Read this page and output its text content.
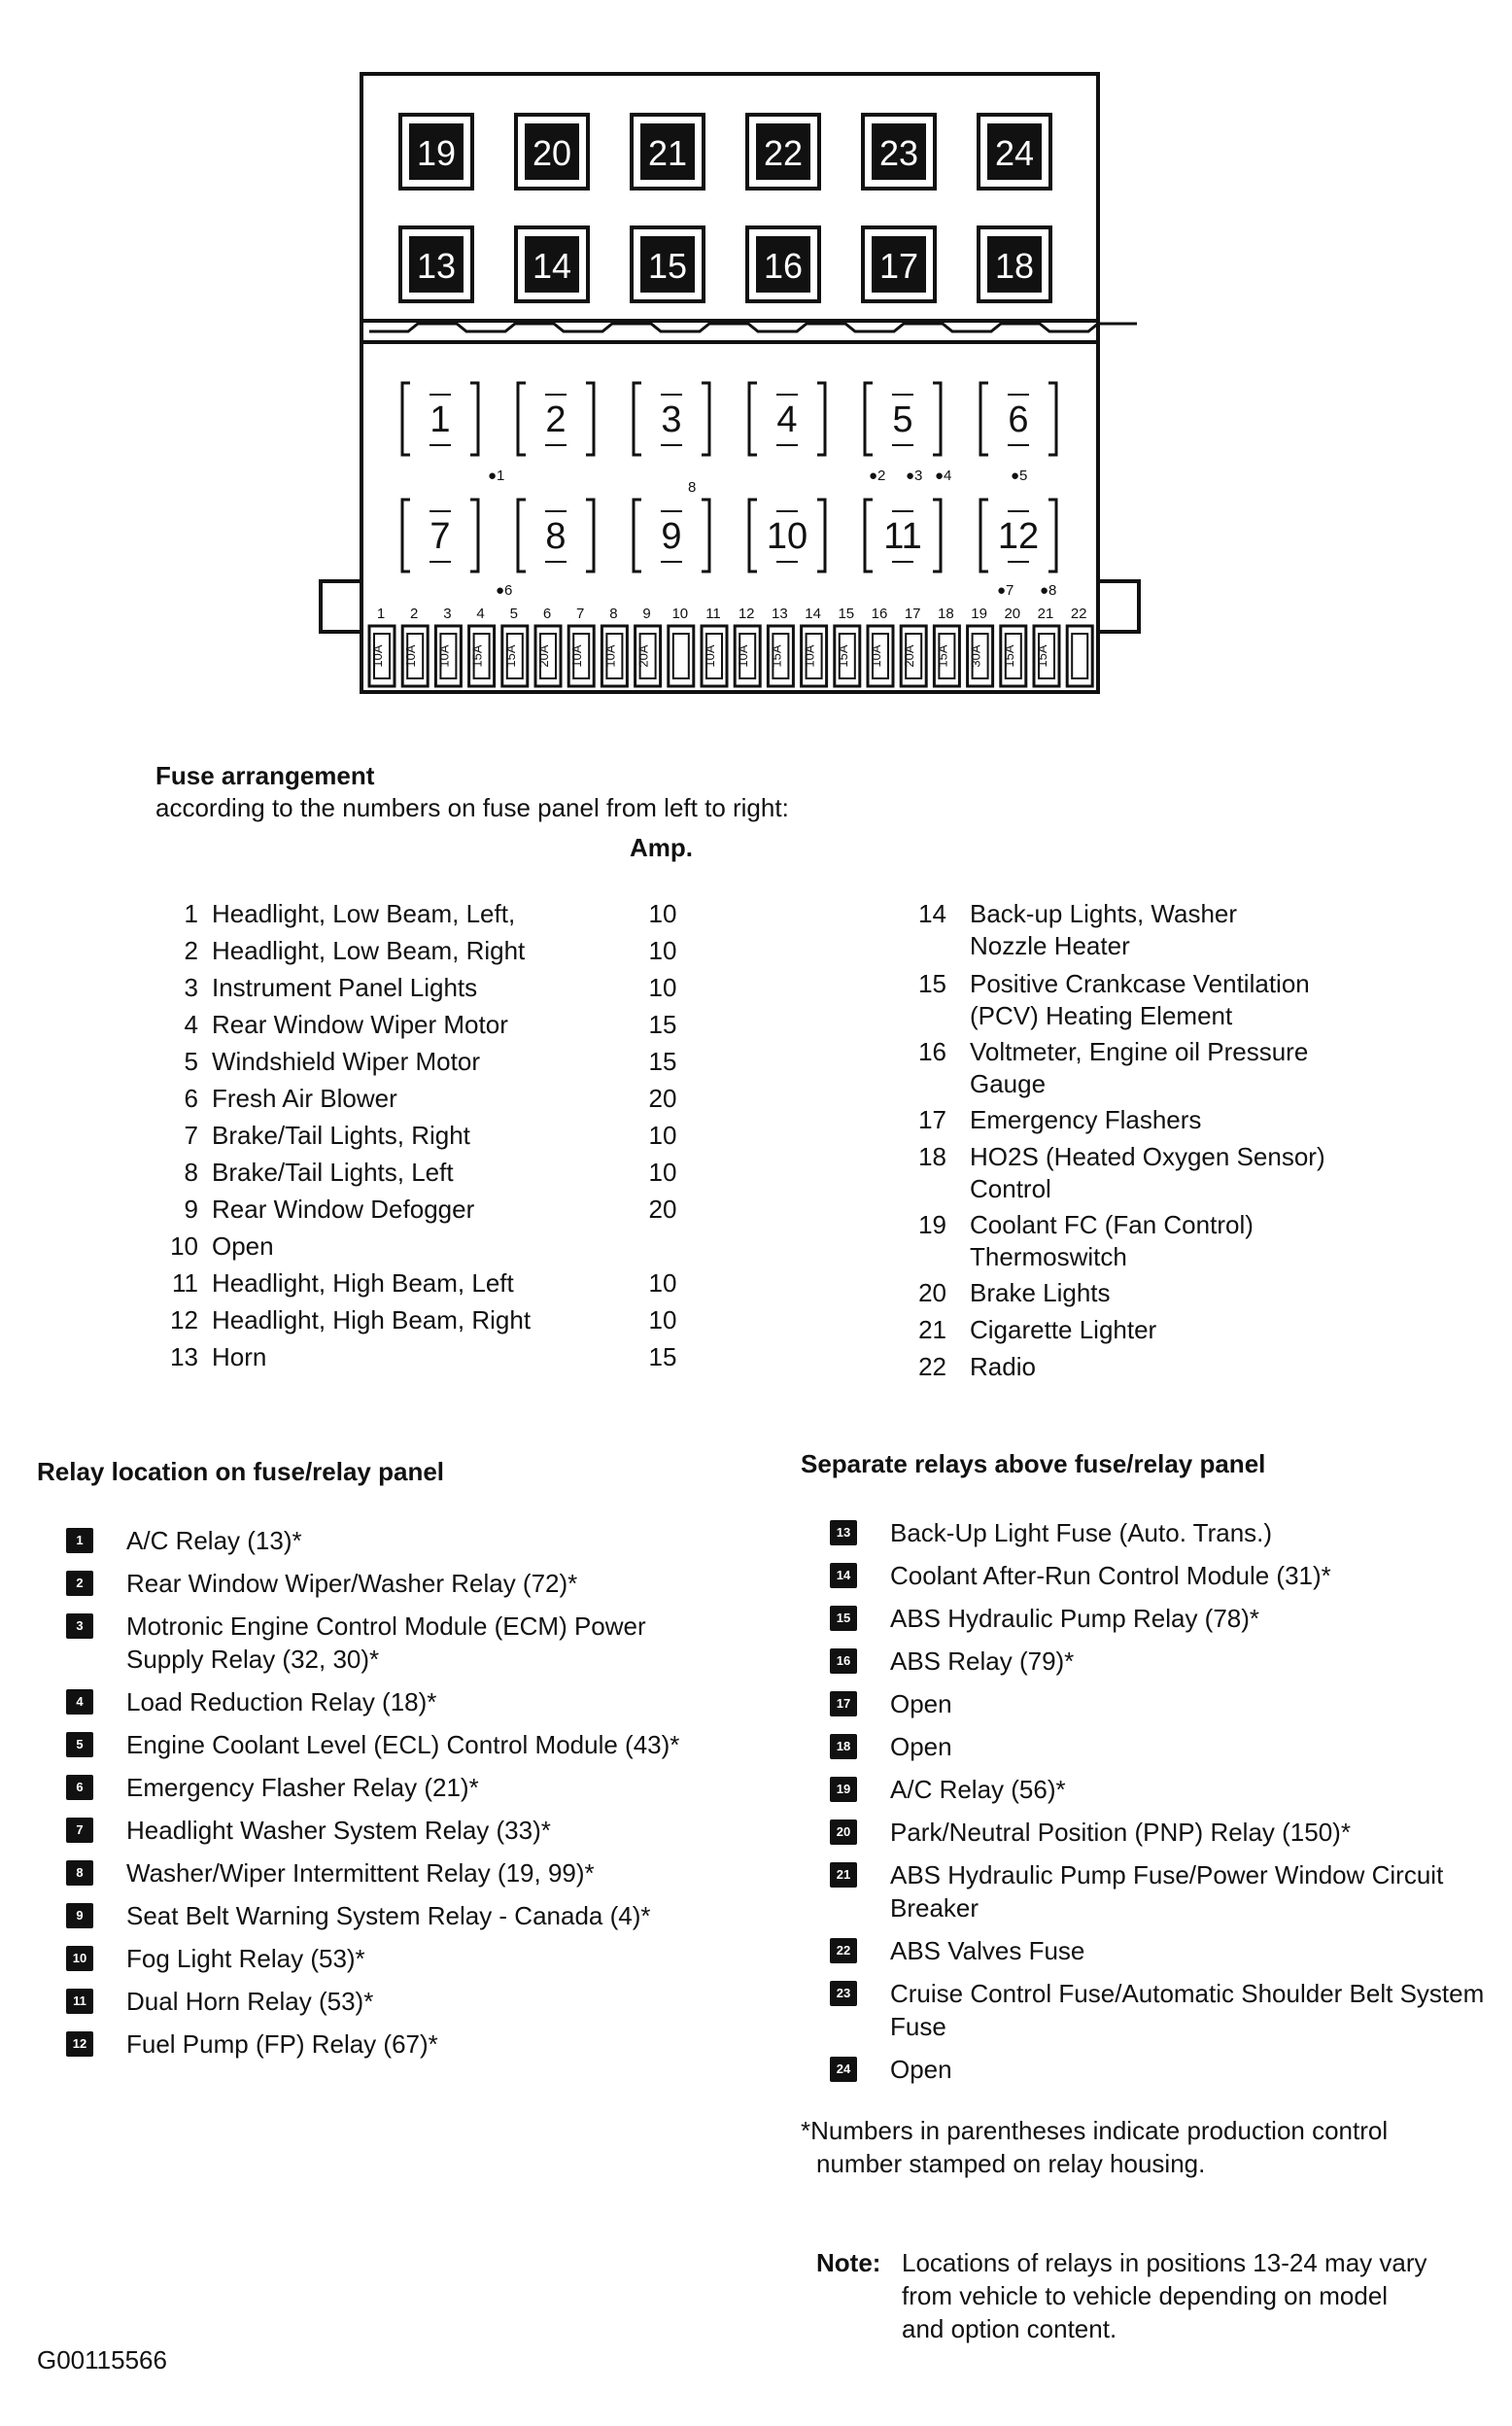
19 20 21 22 23 24
13 14 15 16 17 18
1	2	3	4	5	6
7	8	9 10 11 12
1
10A
2
10A
3
10A
4
15A
5
15A
6
20A
7
10A
8
10A
9
20A
10 11
10A
12
10A
13
15A
14
10A
15
15A
16
10A
17
20A
18
15A
19
30A
20
15A
21
15A
22
●1
8
●2 ●3 ●4	●5
●6	●7 ●8
Fuse arrangement
according to the numbers on fuse panel from left to right:
Amp.
1 Headlight, Low Beam, Left,	10
2 Headlight, Low Beam, Right	10
3 Instrument Panel Lights	10
4 Rear Window Wiper Motor	15
5 Windshield Wiper Motor	15
6 Fresh Air Blower	20
7 Brake/Tail Lights, Right	10
8 Brake/Tail Lights, Left	10
9 Rear Window Defogger	20
10 Open
11 Headlight, High Beam, Left	10
12 Headlight, High Beam, Right	10
13 Horn	15
14 Back-up Lights, Washer
Nozzle Heater
15 Positive Crankcase Ventilation
(PCV) Heating Element
16 Voltmeter, Engine oil Pressure
Gauge
17 Emergency Flashers
18 HO2S (Heated Oxygen Sensor)
Control
19 Coolant FC (Fan Control)
Thermoswitch
20 Brake Lights
21 Cigarette Lighter
22 Radio
Relay location on fuse/relay panel
1	A/C Relay (13)*
2	Rear Window Wiper/Washer Relay (72)*
3	Motronic Engine Control Module (ECM) Power Supply Relay (32, 30)*
4	Load Reduction Relay (18)*
5	Engine Coolant Level (ECL) Control Module (43)*
6	Emergency Flasher Relay (21)*
7	Headlight Washer System Relay (33)*
8	Washer/Wiper Intermittent Relay (19, 99)*
9	Seat Belt Warning System Relay - Canada (4)*
10 Fog Light Relay (53)*
11 Dual Horn Relay (53)*
12 Fuel Pump (FP) Relay (67)*
Separate relays above fuse/relay panel
13 Back-Up Light Fuse (Auto. Trans.)
14 Coolant After-Run Control Module (31)*
15 ABS Hydraulic Pump Relay (78)*
16 ABS Relay (79)*
17 Open
18 Open
19 A/C Relay (56)*
20 Park/Neutral Position (PNP) Relay (150)*
21 ABS Hydraulic Pump Fuse/Power Window Circuit Breaker
22 ABS Valves Fuse
23 Cruise Control Fuse/Automatic Shoulder Belt System Fuse
24 Open
*Numbers in parentheses indicate production control
number stamped on relay housing.
Note: Locations of relays in positions 13-24 may vary
from vehicle to vehicle depending on model
and option content.
G00115566
